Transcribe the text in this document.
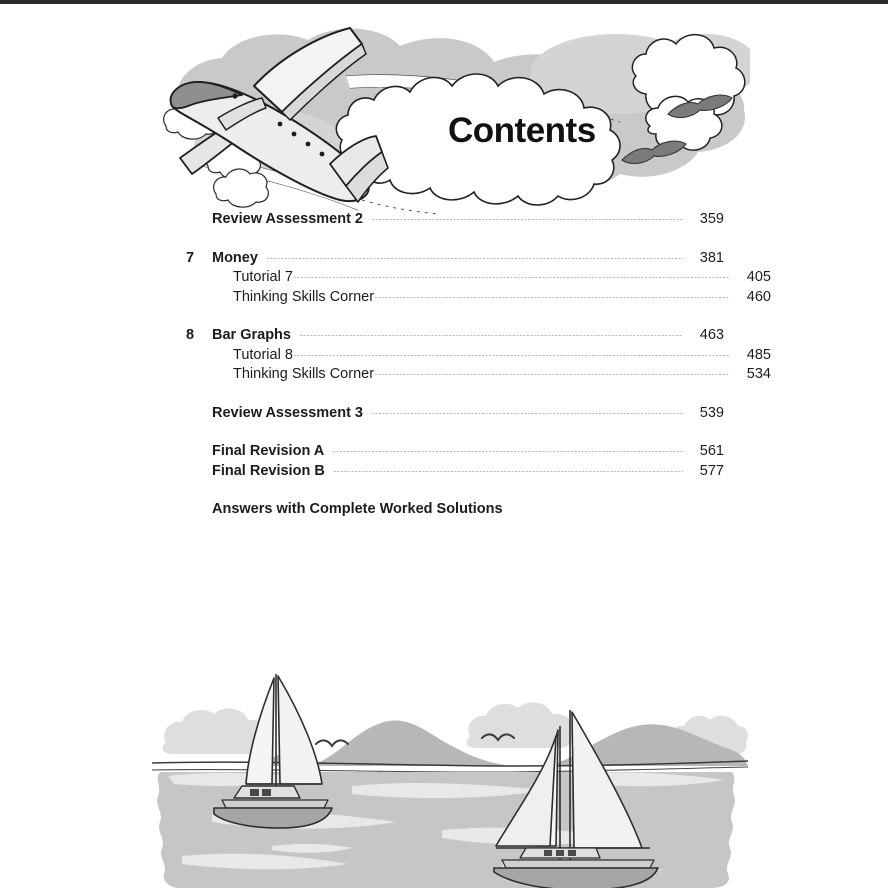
Contents
Review Assessment 2	359
7	Money	381
Tutorial 7	405
Thinking Skills Corner	460
8	Bar Graphs	463
Tutorial 8	485
Thinking Skills Corner	534
Review Assessment 3	539
Final Revision A	561
Final Revision B	577
Answers with Complete Worked Solutions
